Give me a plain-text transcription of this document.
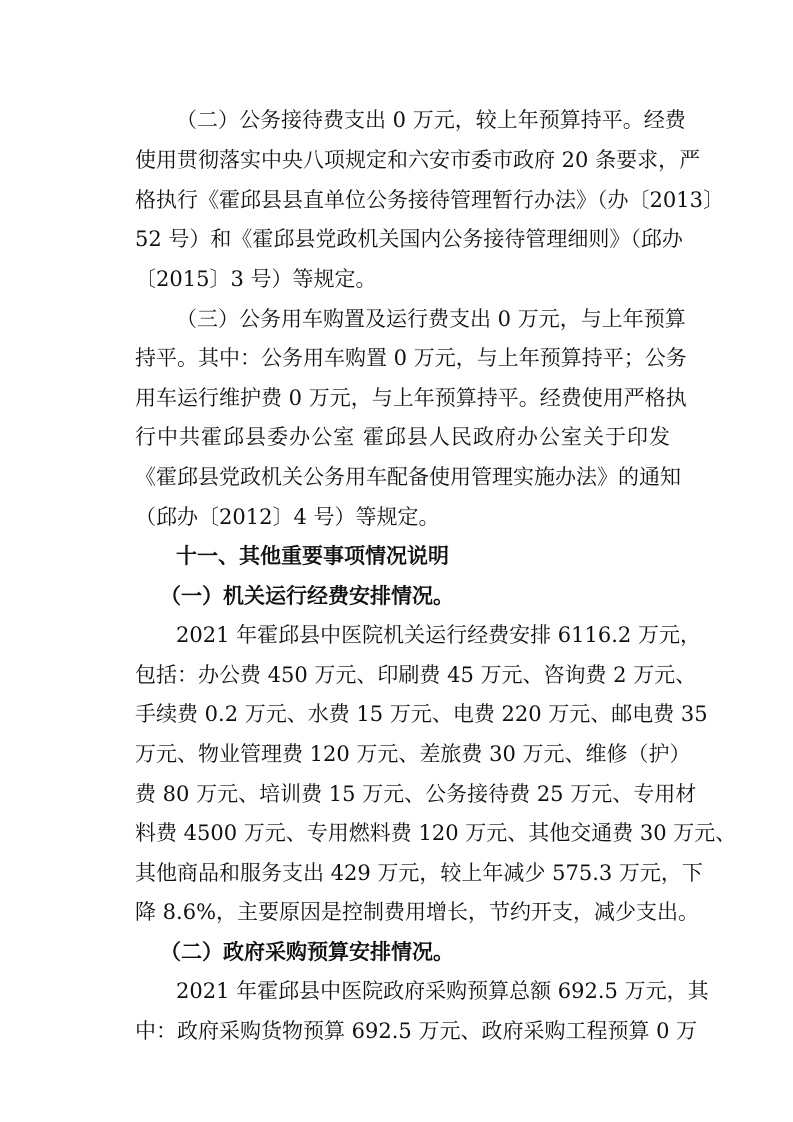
（二）公务接待费支出 0 万元，较上年预算持平。经费
使用贯彻落实中央八项规定和六安市委市政府 20 条要求，严
格执行《霍邱县县直单位公务接待管理暂行办法》（办〔2013〕
52 号）和《霍邱县党政机关国内公务接待管理细则》（邱办
〔2015〕3 号）等规定。
（三）公务用车购置及运行费支出 0 万元，与上年预算
持平。其中：公务用车购置 0 万元，与上年预算持平；公务
用车运行维护费 0 万元，与上年预算持平。经费使用严格执
行中共霍邱县委办公室 霍邱县人民政府办公室关于印发
《霍邱县党政机关公务用车配备使用管理实施办法》的通知
（邱办〔2012〕4 号）等规定。
十一、其他重要事项情况说明
（一）机关运行经费安排情况。
2021 年霍邱县中医院机关运行经费安排 6116.2 万元，
包括：办公费 450 万元、印刷费 45 万元、咨询费 2 万元、
手续费 0.2 万元、水费 15 万元、电费 220 万元、邮电费 35
万元、物业管理费 120 万元、差旅费 30 万元、维修（护）
费 80 万元、培训费 15 万元、公务接待费 25 万元、专用材
料费 4500 万元、专用燃料费 120 万元、其他交通费 30 万元、
其他商品和服务支出 429 万元，较上年减少 575.3 万元，下
降 8.6%，主要原因是控制费用增长，节约开支，减少支出。
（二）政府采购预算安排情况。
2021 年霍邱县中医院政府采购预算总额 692.5 万元，其
中：政府采购货物预算 692.5 万元、政府采购工程预算 0 万
